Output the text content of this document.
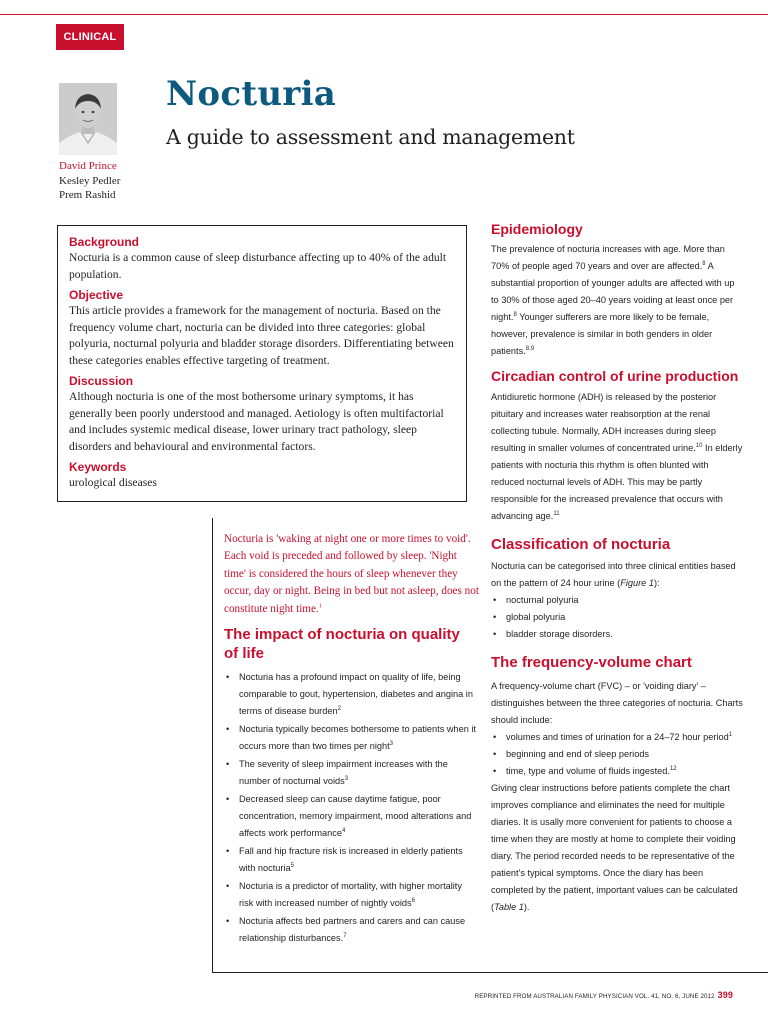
CLINICAL
David Prince
Kesley Pedler
Prem Rashid
Nocturia
A guide to assessment and management
Background

Nocturia is a common cause of sleep disturbance affecting up to 40% of the adult population.

Objective

This article provides a framework for the management of nocturia. Based on the frequency volume chart, nocturia can be divided into three categories: global polyuria, nocturnal polyuria and bladder storage disorders. Differentiating between these categories enables effective targeting of treatment.

Discussion

Although nocturia is one of the most bothersome urinary symptoms, it has generally been poorly understood and managed. Aetiology is often multifactorial and includes systemic medical disease, lower urinary tract pathology, sleep disorders and behavioural and environmental factors.

Keywords

urological diseases

Nocturia is 'waking at night one or more times to void'. Each void is preceded and followed by sleep. 'Night time' is considered the hours of sleep whenever they occur, day or night. Being in bed but not asleep, does not constitute night time.$^1$
The impact of nocturia on quality of life
• Nocturia has a profound impact on quality of life, being comparable to gout, hypertension, diabetes and angina in terms of disease burden$^2$
• Nocturia typically becomes bothersome to patients when it occurs more than two times per night$^3$
• The severity of sleep impairment increases with the number of nocturnal voids$^3$
• Decreased sleep can cause daytime fatigue, poor concentration, memory impairment, mood alterations and affects work performance$^4$
• Fall and hip fracture risk is increased in elderly patients with nocturia$^5$
• Nocturia is a predictor of mortality, with higher mortality risk with increased number of nightly voids$^6$
• Nocturia affects bed partners and carers and can cause relationship disturbances.$^7$
Epidemiology

The prevalence of nocturia increases with age. More than 70% of people aged 70 years and over are affected.$^8$ A substantial proportion of younger adults are affected with up to 30% of those aged 20–40 years voiding at least once per night.$^8$ Younger sufferers are more likely to be female, however, prevalence is similar in both genders in older patients.$^{8,9}$

Circadian control of urine production

Antidiuretic hormone (ADH) is released by the posterior pituitary and increases water reabsorption at the renal collecting tubule. Normally, ADH increases during sleep resulting in smaller volumes of concentrated urine.$^{10}$ In elderly patients with nocturia this rhythm is often blunted with reduced nocturnal levels of ADH. This may be partly responsible for the increased prevalence that occurs with advancing age.$^{11}$

Classification of nocturia

Nocturia can be categorised into three clinical entities based on the pattern of 24 hour urine (Figure 1):

• nocturnal polyuria
• global polyuria
• bladder storage disorders.
The frequency-volume chart

A frequency-volume chart (FVC) – or 'voiding diary' – distinguishes between the three categories of nocturia. Charts should include:

• volumes and times of urination for a 24–72 hour period$^1$
• beginning and end of sleep periods
• time, type and volume of fluids ingested.$^{12}$

Giving clear instructions before patients complete the chart improves compliance and eliminates the need for multiple diaries. It is usally more convenient for patients to choose a time when they are mostly at home to complete their voiding diary. The period recorded needs to be representative of the patient's typical symptoms. Once the diary has been completed by the patient, important values can be calculated (Table 1).

REPRINTED FROM AUSTRALIAN FAMILY PHYSICIAN VOL. 41, NO. 6, JUNE 2012 399
